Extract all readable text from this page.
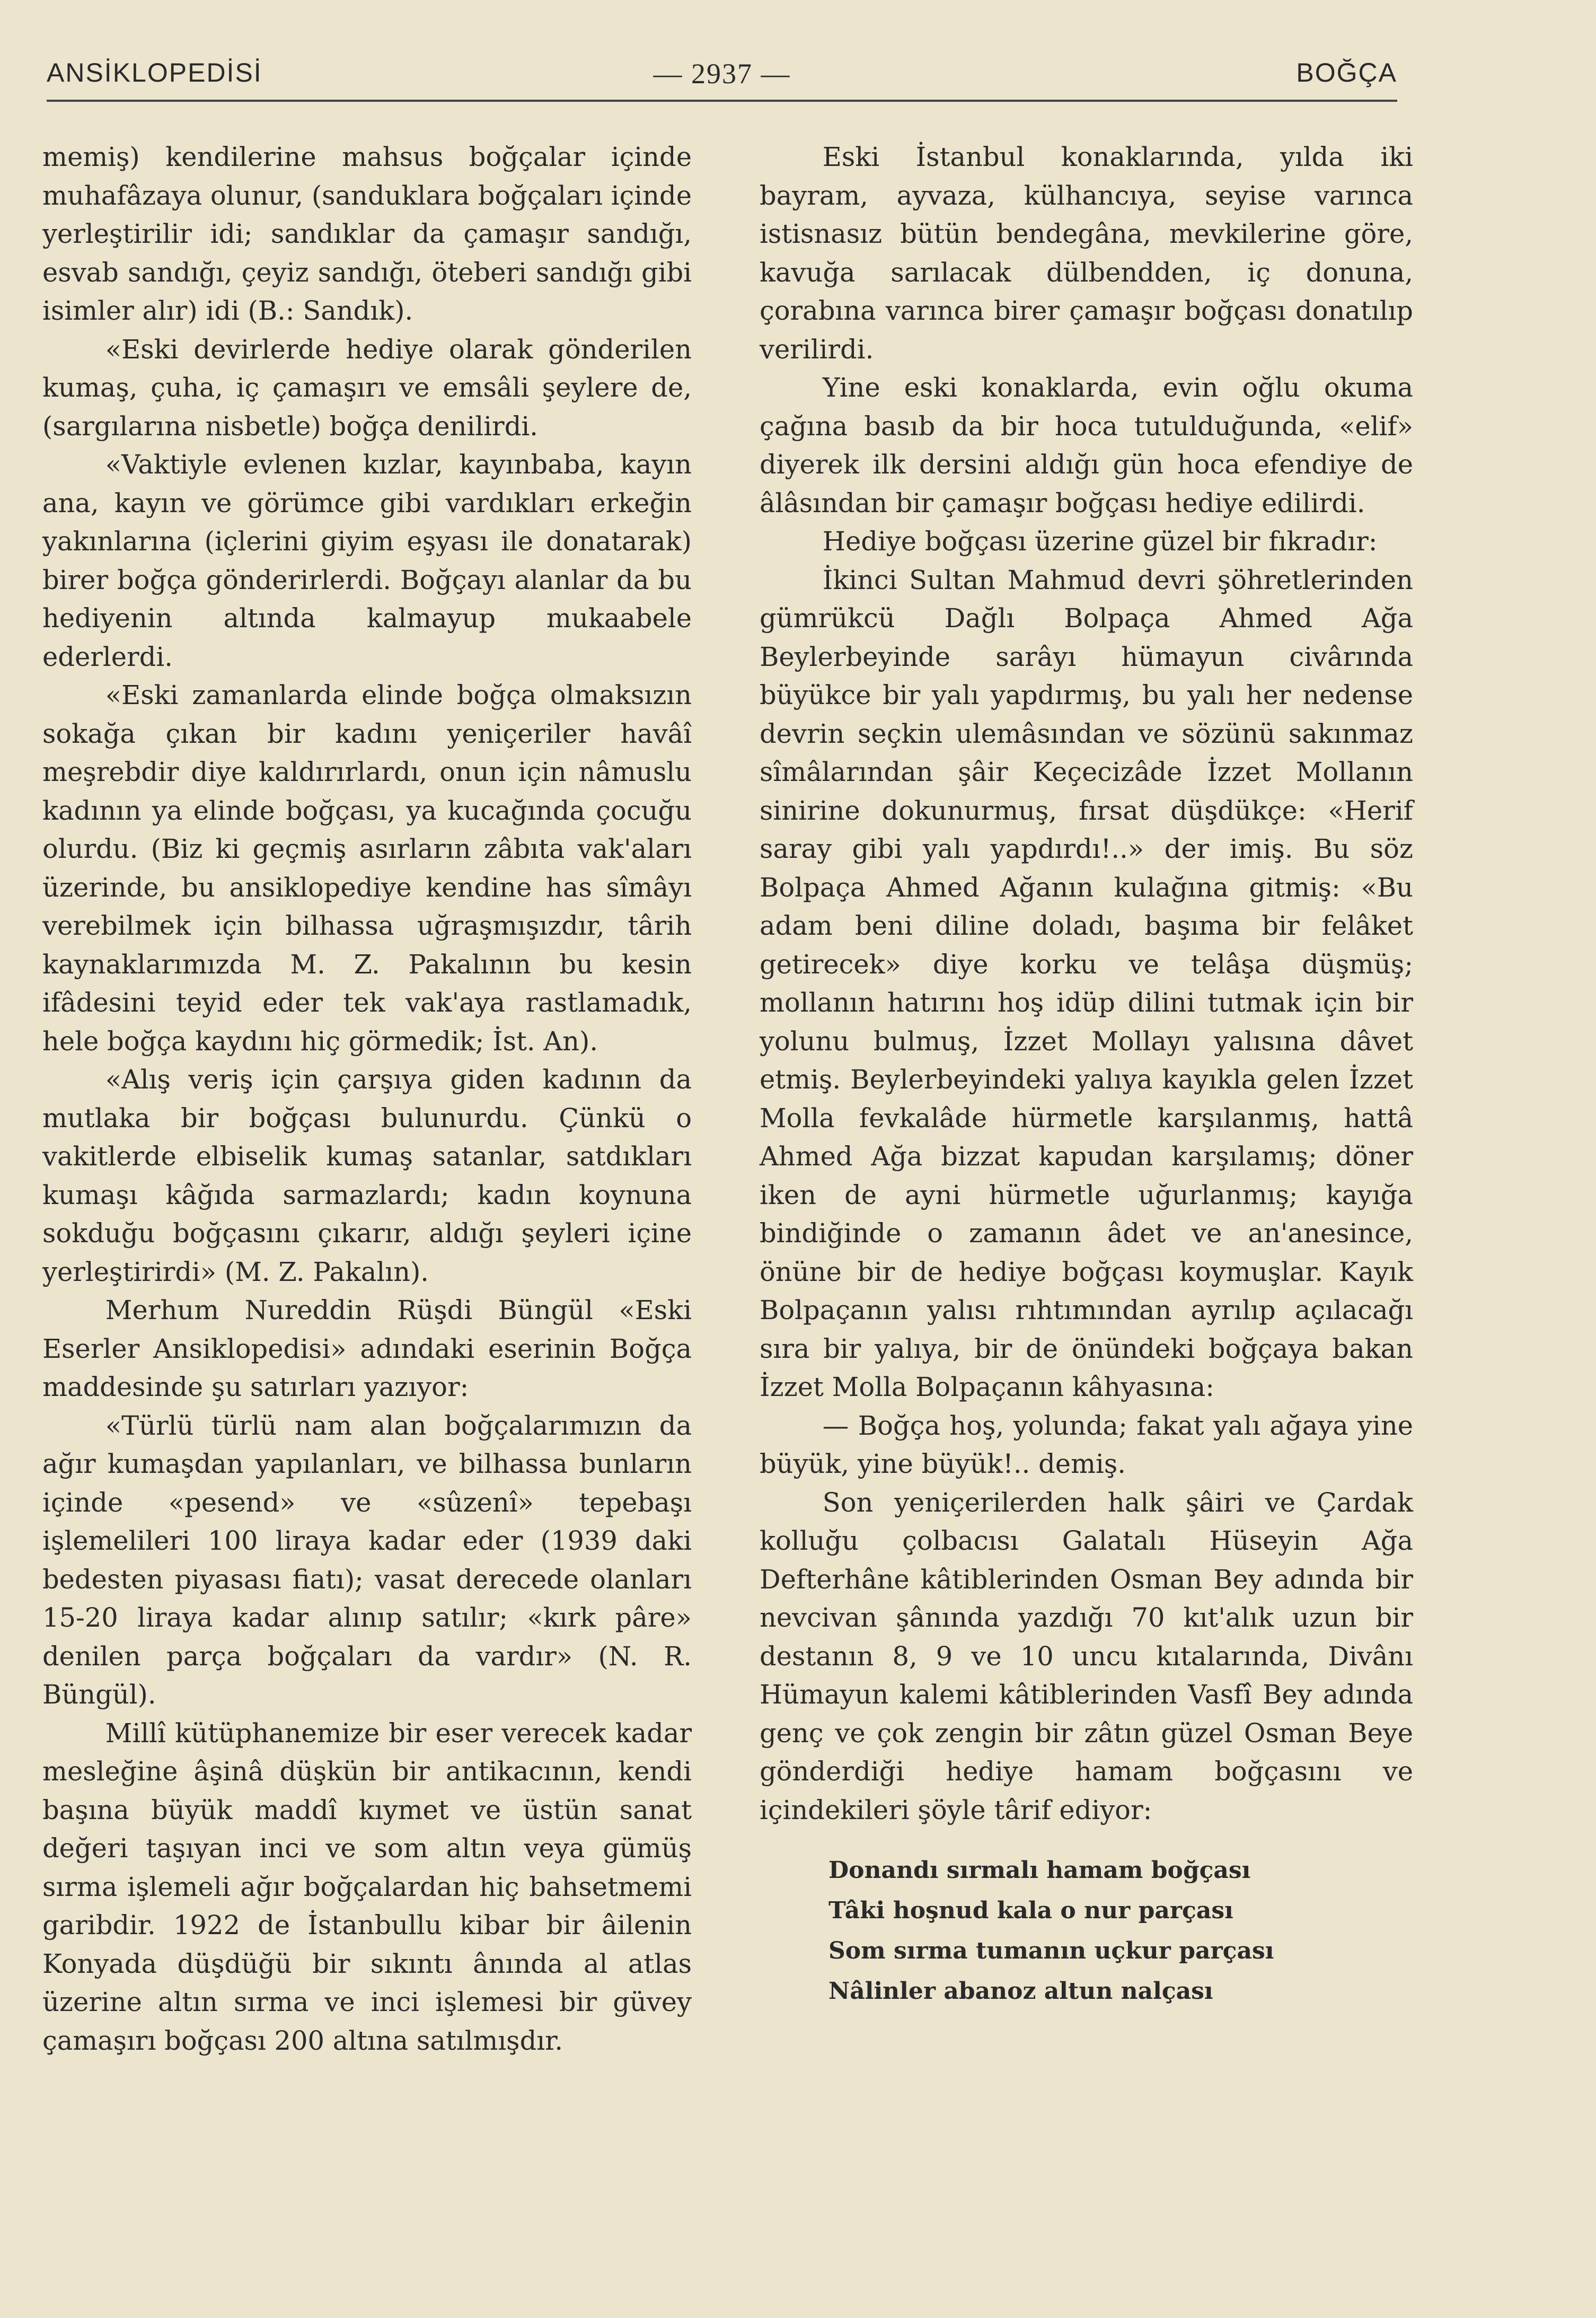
ANSİKLOPEDİSİ	— 2937 —	BOĞÇA

memiş) kendilerine mahsus boğçalar içinde muhafâzaya olunur, (sanduklara boğçaları içinde yerleştirilir idi; sandıklar da çamaşır sandığı, esvab sandığı, çeyiz sandığı, öteberi sandığı gibi isimler alır) idi (B.: Sandık).

«Eski devirlerde hediye olarak gönderilen kumaş, çuha, iç çamaşırı ve emsâli şeylere de, (sargılarına nisbetle) boğça denilirdi.

«Vaktiyle evlenen kızlar, kayınbaba, kayın ana, kayın ve görümce gibi vardıkları erkeğin yakınlarına (içlerini giyim eşyası ile donatarak) birer boğça gönderirlerdi. Boğçayı alanlar da bu hediyenin altında kalmayup mukaabele ederlerdi.

«Eski zamanlarda elinde boğça olmaksızın sokağa çıkan bir kadını yeniçeriler havâî meşrebdir diye kaldırırlardı, onun için nâmuslu kadının ya elinde boğçası, ya kucağında çocuğu olurdu. (Biz ki geçmiş asırların zâbıta vak'aları üzerinde, bu ansiklopediye kendine has sîmâyı verebilmek için bilhassa uğraşmışızdır, târih kaynaklarımızda M. Z. Pakalının bu kesin ifâdesini teyid eder tek vak'aya rastlamadık, hele boğça kaydını hiç görmedik; İst. An).

«Alış veriş için çarşıya giden kadının da mutlaka bir boğçası bulunurdu. Çünkü o vakitlerde elbiselik kumaş satanlar, satdıkları kumaşı kâğıda sarmazlardı; kadın koynuna sokduğu boğçasını çıkarır, aldığı şeyleri içine yerleştirirdi» (M. Z. Pakalın).

Merhum Nureddin Rüşdi Büngül «Eski Eserler Ansiklopedisi» adındaki eserinin Boğça maddesinde şu satırları yazıyor:

«Türlü türlü nam alan boğçalarımızın da ağır kumaşdan yapılanları, ve bilhassa bunların içinde «pesend» ve «sûzenî» tepebaşı işlemelileri 100 liraya kadar eder (1939 daki bedesten piyasası fiatı); vasat derecede olanları 15-20 liraya kadar alınıp satılır; «kırk pâre» denilen parça boğçaları da vardır» (N. R. Büngül).

Millî kütüphanemize bir eser verecek kadar mesleğine âşinâ düşkün bir antikacının, kendi başına büyük maddî kıymet ve üstün sanat değeri taşıyan inci ve som altın veya gümüş sırma işlemeli ağır boğçalardan hiç bahsetmemi garibdir. 1922 de İstanbullu kibar bir âilenin Konyada düşdüğü bir sıkıntı ânında al atlas üzerine altın sırma ve inci işlemesi bir güvey çamaşırı boğçası 200 altına satılmışdır.

Eski İstanbul konaklarında, yılda iki bayram, ayvaza, külhancıya, seyise varınca istisnasız bütün bendegâna, mevkilerine göre, kavuğa sarılacak dülbendden, iç donuna, çorabına varınca birer çamaşır boğçası donatılıp verilirdi.

Yine eski konaklarda, evin oğlu okuma çağına basıb da bir hoca tutulduğunda, «elif» diyerek ilk dersini aldığı gün hoca efendiye de âlâsından bir çamaşır boğçası hediye edilirdi.

Hediye boğçası üzerine güzel bir fıkradır:

İkinci Sultan Mahmud devri şöhretlerinden gümrükcü Dağlı Bolpaça Ahmed Ağa Beylerbeyinde sarâyı hümayun civârında büyükce bir yalı yapdırmış, bu yalı her nedense devrin seçkin ulemâsından ve sözünü sakınmaz sîmâlarından şâir Keçecizâde İzzet Mollanın sinirine dokunurmuş, fırsat düşdükçe: «Herif saray gibi yalı yapdırdı!..» der imiş. Bu söz Bolpaça Ahmed Ağanın kulağına gitmiş: «Bu adam beni diline doladı, başıma bir felâket getirecek» diye korku ve telâşa düşmüş; mollanın hatırını hoş idüp dilini tutmak için bir yolunu bulmuş, İzzet Mollayı yalısına dâvet etmiş. Beylerbeyindeki yalıya kayıkla gelen İzzet Molla fevkalâde hürmetle karşılanmış, hattâ Ahmed Ağa bizzat kapudan karşılamış; döner iken de ayni hürmetle uğurlanmış; kayığa bindiğinde o zamanın âdet ve an'anesince, önüne bir de hediye boğçası koymuşlar. Kayık Bolpaçanın yalısı rıhtımından ayrılıp açılacağı sıra bir yalıya, bir de önündeki boğçaya bakan İzzet Molla Bolpaçanın kâhyasına:

— Boğça hoş, yolunda; fakat yalı ağaya yine büyük, yine büyük!.. demiş.

Son yeniçerilerden halk şâiri ve Çardak kolluğu çolbacısı Galatalı Hüseyin Ağa Defterhâne kâtiblerinden Osman Bey adında bir nevcivan şânında yazdığı 70 kıt'alık uzun bir destanın 8, 9 ve 10 uncu kıtalarında, Divânı Hümayun kalemi kâtiblerinden Vasfî Bey adında genç ve çok zengin bir zâtın güzel Osman Beye gönderdiği hediye hamam boğçasını ve içindekileri şöyle târif ediyor:

Donandı sırmalı hamam boğçası
Tâki hoşnud kala o nur parçası
Som sırma tumanın uçkur parçası
Nâlinler abanoz altun nalçası
